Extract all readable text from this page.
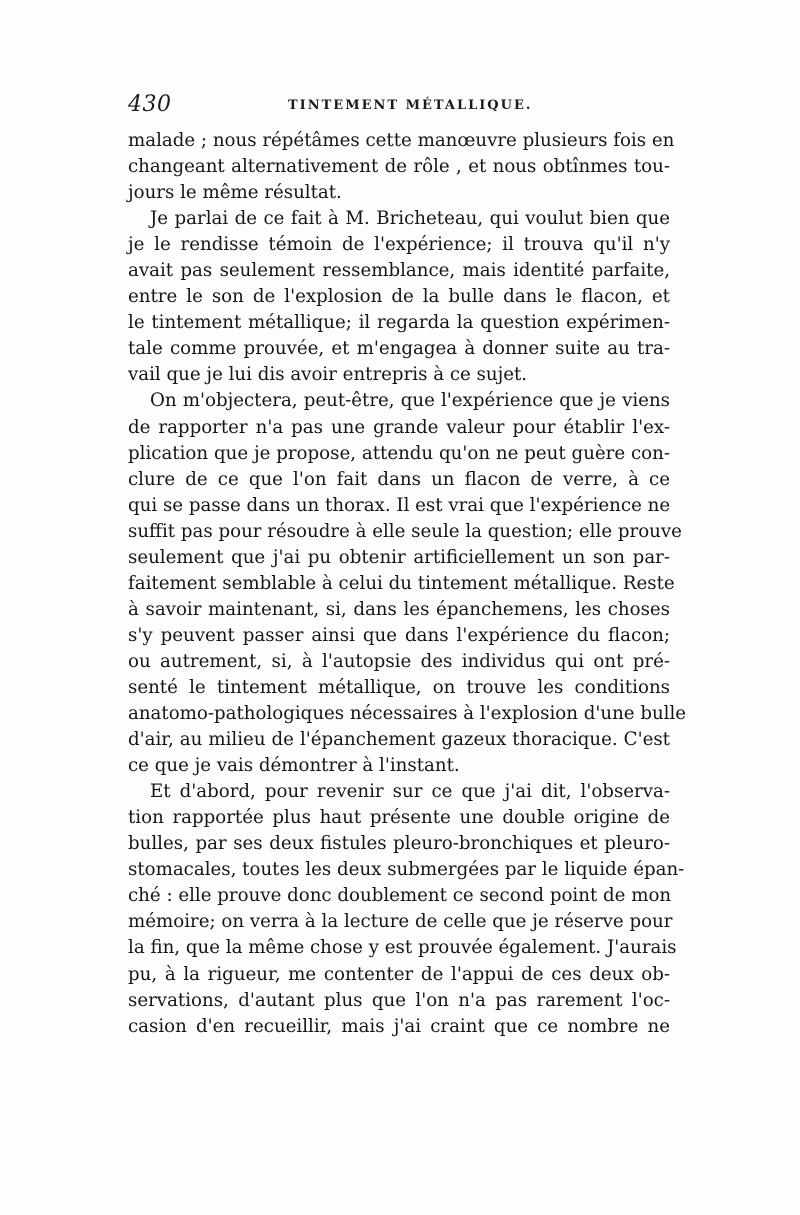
430	TINTEMENT MÉTALLIQUE.
malade ; nous répétâmes cette manœuvre plusieurs fois en
changeant alternativement de rôle , et nous obtînmes tou-
jours le même résultat.
Je parlai de ce fait à M. Bricheteau, qui voulut bien que
je le rendisse témoin de l'expérience; il trouva qu'il n'y
avait pas seulement ressemblance, mais identité parfaite,
entre le son de l'explosion de la bulle dans le flacon, et
le tintement métallique; il regarda la question expérimen-
tale comme prouvée, et m'engagea à donner suite au tra-
vail que je lui dis avoir entrepris à ce sujet.
On m'objectera, peut-être, que l'expérience que je viens
de rapporter n'a pas une grande valeur pour établir l'ex-
plication que je propose, attendu qu'on ne peut guère con-
clure de ce que l'on fait dans un flacon de verre, à ce
qui se passe dans un thorax. Il est vrai que l'expérience ne
suffit pas pour résoudre à elle seule la question; elle prouve
seulement que j'ai pu obtenir artificiellement un son par-
faitement semblable à celui du tintement métallique. Reste
à savoir maintenant, si, dans les épanchemens, les choses
s'y peuvent passer ainsi que dans l'expérience du flacon;
ou autrement, si, à l'autopsie des individus qui ont pré-
senté le tintement métallique, on trouve les conditions
anatomo-pathologiques nécessaires à l'explosion d'une bulle
d'air, au milieu de l'épanchement gazeux thoracique. C'est
ce que je vais démontrer à l'instant.
Et d'abord, pour revenir sur ce que j'ai dit, l'observa-
tion rapportée plus haut présente une double origine de
bulles, par ses deux fistules pleuro-bronchiques et pleuro-
stomacales, toutes les deux submergées par le liquide épan-
ché : elle prouve donc doublement ce second point de mon
mémoire; on verra à la lecture de celle que je réserve pour
la fin, que la même chose y est prouvée également. J'aurais
pu, à la rigueur, me contenter de l'appui de ces deux ob-
servations, d'autant plus que l'on n'a pas rarement l'oc-
casion d'en recueillir, mais j'ai craint que ce nombre ne
